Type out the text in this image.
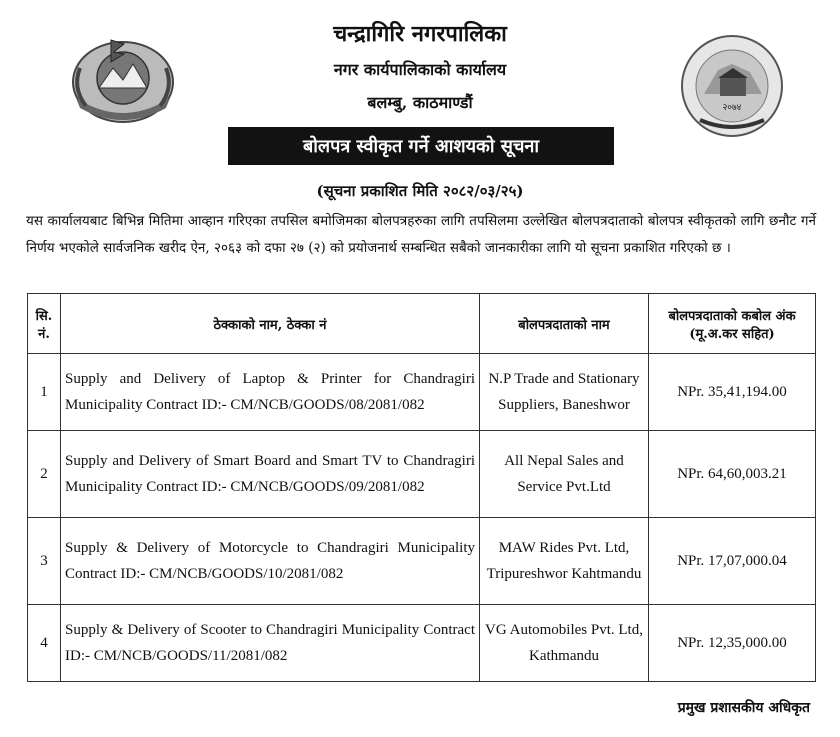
२०७४
चन्द्रागिरि नगरपालिका
नगर कार्यपालिकाको कार्यालय
बलम्बु, काठमाण्डौं
बोलपत्र स्वीकृत गर्ने आशयको सूचना
(सूचना प्रकाशित मिति २०८२/०३/२५)
यस कार्यालयबाट बिभिन्न मितिमा आव्हान गरिएका तपसिल बमोजिमका बोलपत्रहरुका लागि तपसिलमा उल्लेखित बोलपत्रदाताको बोलपत्र स्वीकृतको लागि छनौट गर्ने निर्णय भएकोले सार्वजनिक खरीद ऐन, २०६३ को दफा २७ (२) को प्रयोजनार्थ सम्बन्धित सबैको जानकारीका लागि यो सूचना प्रकाशित गरिएको छ ।
सि. नं.	ठेक्काको नाम, ठेक्का नं	बोलपत्रदाताको नाम	बोलपत्रदाताको कबोल अंक (मू.अ.कर सहित)
1	Supply and Delivery of Laptop & Printer for Chandragiri Municipality Contract ID:- CM/NCB/GOODS/08/2081/082	N.P Trade and Stationary Suppliers, Baneshwor	NPr. 35,41,194.00
2	Supply and Delivery of Smart Board and Smart TV to Chandragiri Municipality Contract ID:- CM/NCB/GOODS/09/2081/082	All Nepal Sales and Service Pvt.Ltd	NPr. 64,60,003.21
3	Supply & Delivery of Motorcycle to Chandragiri Municipality Contract ID:- CM/NCB/GOODS/10/2081/082	MAW Rides Pvt. Ltd, Tripureshwor Kahtmandu	NPr. 17,07,000.04
4	Supply & Delivery of Scooter to Chandragiri Municipality Contract ID:- CM/NCB/GOODS/11/2081/082	VG Automobiles Pvt. Ltd, Kathmandu	NPr. 12,35,000.00
प्रमुख प्रशासकीय अधिकृत
